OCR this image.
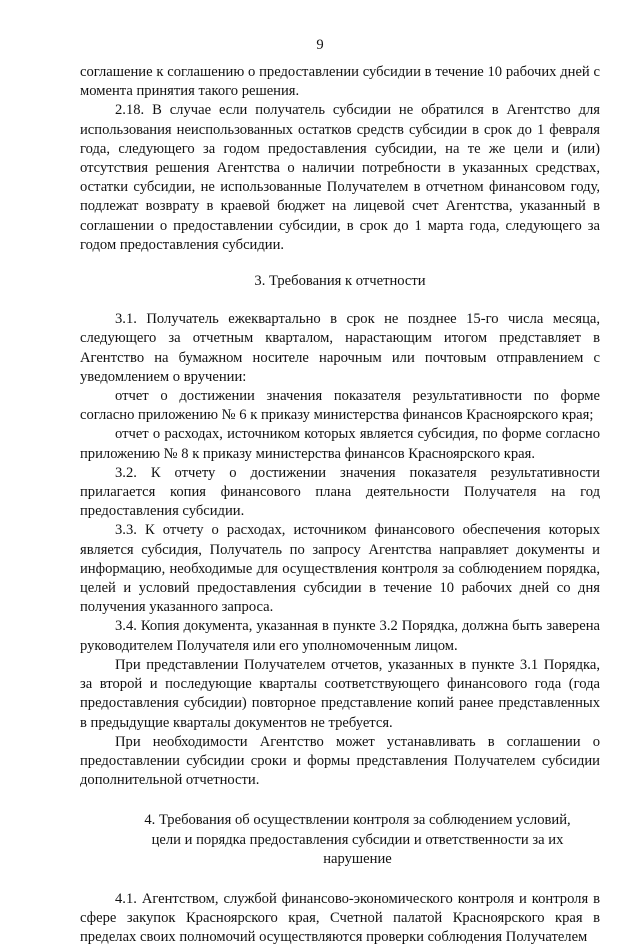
9

соглашение к соглашению о предоставлении субсидии в течение 10 рабочих дней с момента принятия такого решения.

2.18. В случае если получатель субсидии не обратился в Агентство для использования неиспользованных остатков средств субсидии в срок до 1 февраля года, следующего за годом предоставления субсидии, на те же цели и (или) отсутствия решения Агентства о наличии потребности в указанных средствах, остатки субсидии, не использованные Получателем в отчетном финансовом году, подлежат возврату в краевой бюджет на лицевой счет Агентства, указанный в соглашении о предоставлении субсидии, в срок до 1 марта года, следующего за годом предоставления субсидии.

3. Требования к отчетности

3.1. Получатель ежеквартально в срок не позднее 15-го числа месяца, следующего за отчетным кварталом, нарастающим итогом представляет в Агентство на бумажном носителе нарочным или почтовым отправлением с уведомлением о вручении:

отчет о достижении значения показателя результативности по форме согласно приложению № 6 к приказу министерства финансов Красноярского края;

отчет о расходах, источником которых является субсидия, по форме согласно приложению № 8 к приказу министерства финансов Красноярского края.

3.2. К отчету о достижении значения показателя результативности прилагается копия финансового плана деятельности Получателя на год предоставления субсидии.

3.3. К отчету о расходах, источником финансового обеспечения которых является субсидия, Получатель по запросу Агентства направляет документы и информацию, необходимые для осуществления контроля за соблюдением порядка, целей и условий предоставления субсидии в течение 10 рабочих дней со дня получения указанного запроса.

3.4. Копия документа, указанная в пункте 3.2 Порядка, должна быть заверена руководителем Получателя или его уполномоченным лицом.

При представлении Получателем отчетов, указанных в пункте 3.1 Порядка, за второй и последующие кварталы соответствующего финансового года (года предоставления субсидии) повторное представление копий ранее представленных в предыдущие кварталы документов не требуется.

При необходимости Агентство может устанавливать в соглашении о предоставлении субсидии сроки и формы представления Получателем субсидии дополнительной отчетности.

4. Требования об осуществлении контроля за соблюдением условий, цели и порядка предоставления субсидии и ответственности за их нарушение

4.1. Агентством, службой финансово-экономического контроля и контроля в сфере закупок Красноярского края, Счетной палатой Красноярского края в пределах своих полномочий осуществляются проверки соблюдения Получателем
